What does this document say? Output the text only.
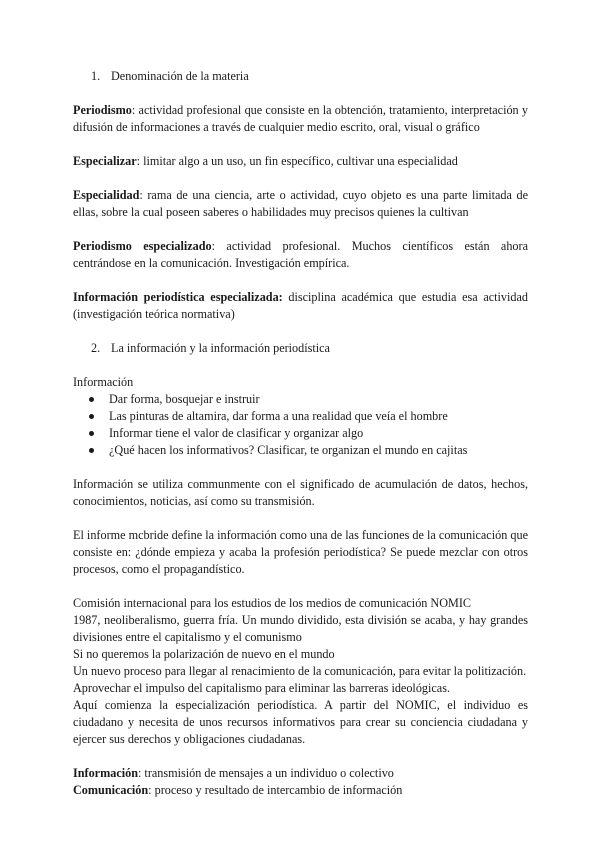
1. Denominación de la materia

Periodismo: actividad profesional que consiste en la obtención, tratamiento, interpretación y difusión de informaciones a través de cualquier medio escrito, oral, visual o gráfico

Especializar: limitar algo a un uso, un fin específico, cultivar una especialidad

Especialidad: rama de una ciencia, arte o actividad, cuyo objeto es una parte limitada de ellas, sobre la cual poseen saberes o habilidades muy precisos quienes la cultivan

Periodismo especializado: actividad profesional. Muchos científicos están ahora centrándose en la comunicación. Investigación empírica.

Información periodística especializada: disciplina académica que estudia esa actividad (investigación teórica normativa)

2. La información y la información periodística

Información

Dar forma, bosquejar e instruir
Las pinturas de altamira, dar forma a una realidad que veía el hombre
Informar tiene el valor de clasificar y organizar algo
¿Qué hacen los informativos? Clasificar, te organizan el mundo en cajitas

Información se utiliza communmente con el significado de acumulación de datos, hechos, conocimientos, noticias, así como su transmisión.

El informe mcbride define la información como una de las funciones de la comunicación que consiste en: ¿dónde empieza y acaba la profesión periodística? Se puede mezclar con otros procesos, como el propagandístico.

Comisión internacional para los estudios de los medios de comunicación NOMIC

1987, neoliberalismo, guerra fría. Un mundo dividido, esta división se acaba, y hay grandes divisiones entre el capitalismo y el comunismo

Si no queremos la polarización de nuevo en el mundo

Un nuevo proceso para llegar al renacimiento de la comunicación, para evitar la politización.

Aprovechar el impulso del capitalismo para eliminar las barreras ideológicas.

Aquí comienza la especialización periodística. A partir del NOMIC, el individuo es ciudadano y necesita de unos recursos informativos para crear su conciencia ciudadana y ejercer sus derechos y obligaciones ciudadanas.

Información: transmisión de mensajes a un individuo o colectivo

Comunicación: proceso y resultado de intercambio de información
